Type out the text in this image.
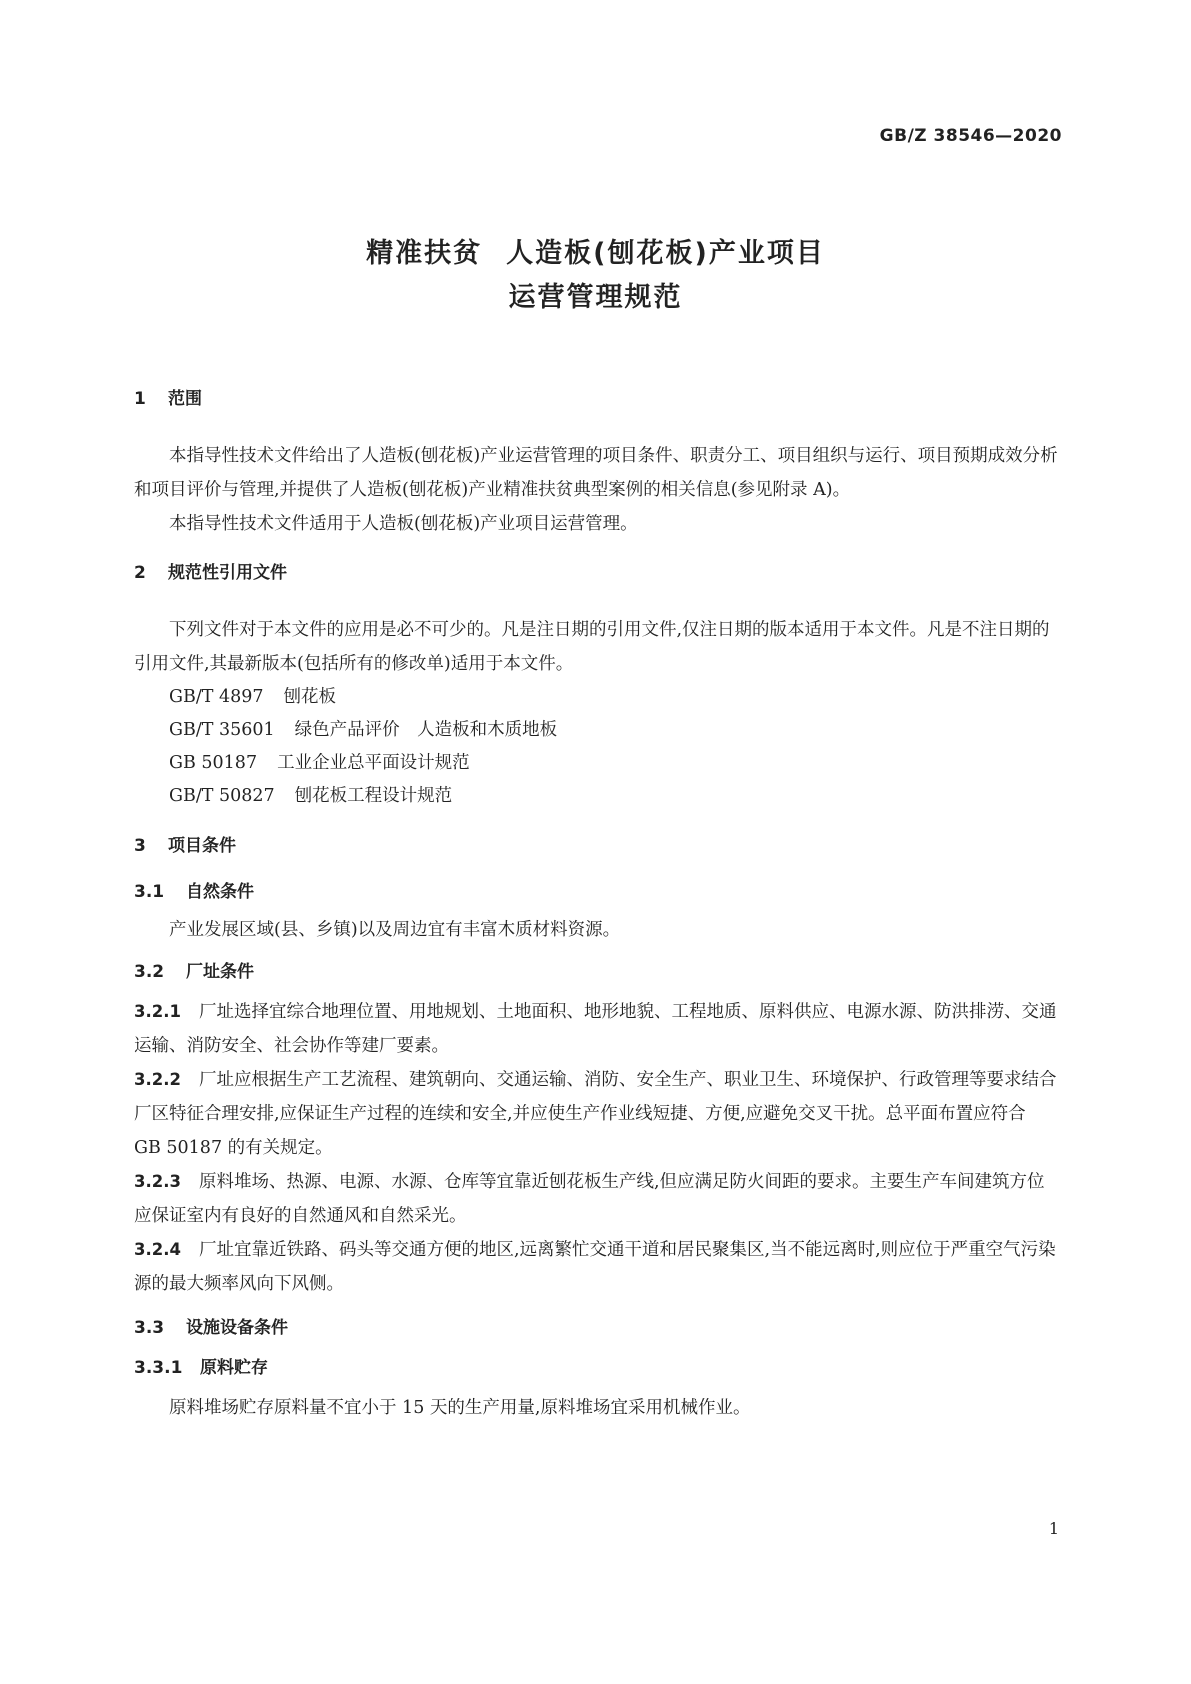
GB/Z 38546—2020
精准扶贫 人造板(刨花板)产业项目
运营管理规范
1 范围

本指导性技术文件给出了人造板(刨花板)产业运营管理的项目条件、职责分工、项目组织与运行、项目预期成效分析和项目评价与管理,并提供了人造板(刨花板)产业精准扶贫典型案例的相关信息(参见附录 A)。

本指导性技术文件适用于人造板(刨花板)产业项目运营管理。

2 规范性引用文件

下列文件对于本文件的应用是必不可少的。凡是注日期的引用文件,仅注日期的版本适用于本文件。凡是不注日期的引用文件,其最新版本(包括所有的修改单)适用于本文件。

GB/T 4897 刨花板
GB/T 35601 绿色产品评价　人造板和木质地板
GB 50187 工业企业总平面设计规范
GB/T 50827 刨花板工程设计规范
3 项目条件
3.1 自然条件

产业发展区域(县、乡镇)以及周边宜有丰富木质材料资源。

3.2 厂址条件

3.2.1 厂址选择宜综合地理位置、用地规划、土地面积、地形地貌、工程地质、原料供应、电源水源、防洪排涝、交通运输、消防安全、社会协作等建厂要素。

3.2.2 厂址应根据生产工艺流程、建筑朝向、交通运输、消防、安全生产、职业卫生、环境保护、行政管理等要求结合厂区特征合理安排,应保证生产过程的连续和安全,并应使生产作业线短捷、方便,应避免交叉干扰。总平面布置应符合 GB 50187 的有关规定。

3.2.3 原料堆场、热源、电源、水源、仓库等宜靠近刨花板生产线,但应满足防火间距的要求。主要生产车间建筑方位应保证室内有良好的自然通风和自然采光。

3.2.4 厂址宜靠近铁路、码头等交通方便的地区,远离繁忙交通干道和居民聚集区,当不能远离时,则应位于严重空气污染源的最大频率风向下风侧。

3.3 设施设备条件
3.3.1 原料贮存

原料堆场贮存原料量不宜小于 15 天的生产用量,原料堆场宜采用机械作业。

1
